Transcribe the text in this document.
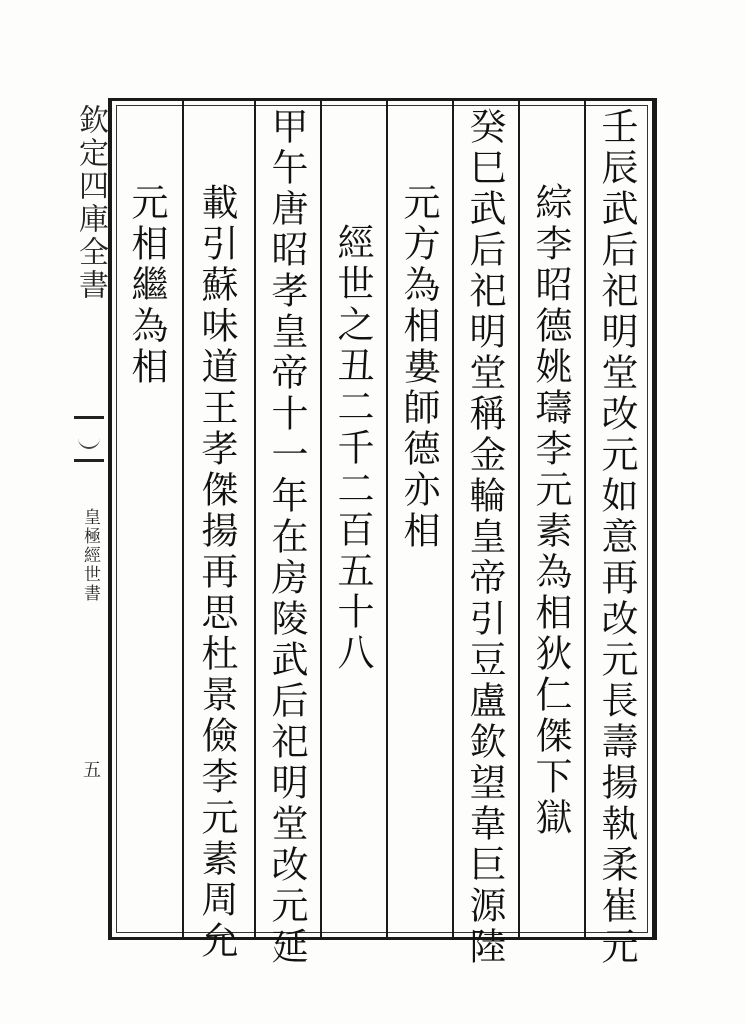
欽定四庫全書
皇極經世書
五	壬辰武后祀明堂改元如意再改元長壽揚執柔崔元
綜李昭德姚璹李元素為相狄仁傑下獄
癸巳武后祀明堂稱金輪皇帝引豆盧欽望韋巨源陸
元方為相婁師德亦相
經世之丑二千二百五十八
甲午唐昭孝皇帝十一年在房陵武后祀明堂改元延
載引蘇味道王孝傑揚再思杜景儉李元素周允
元相繼為相
